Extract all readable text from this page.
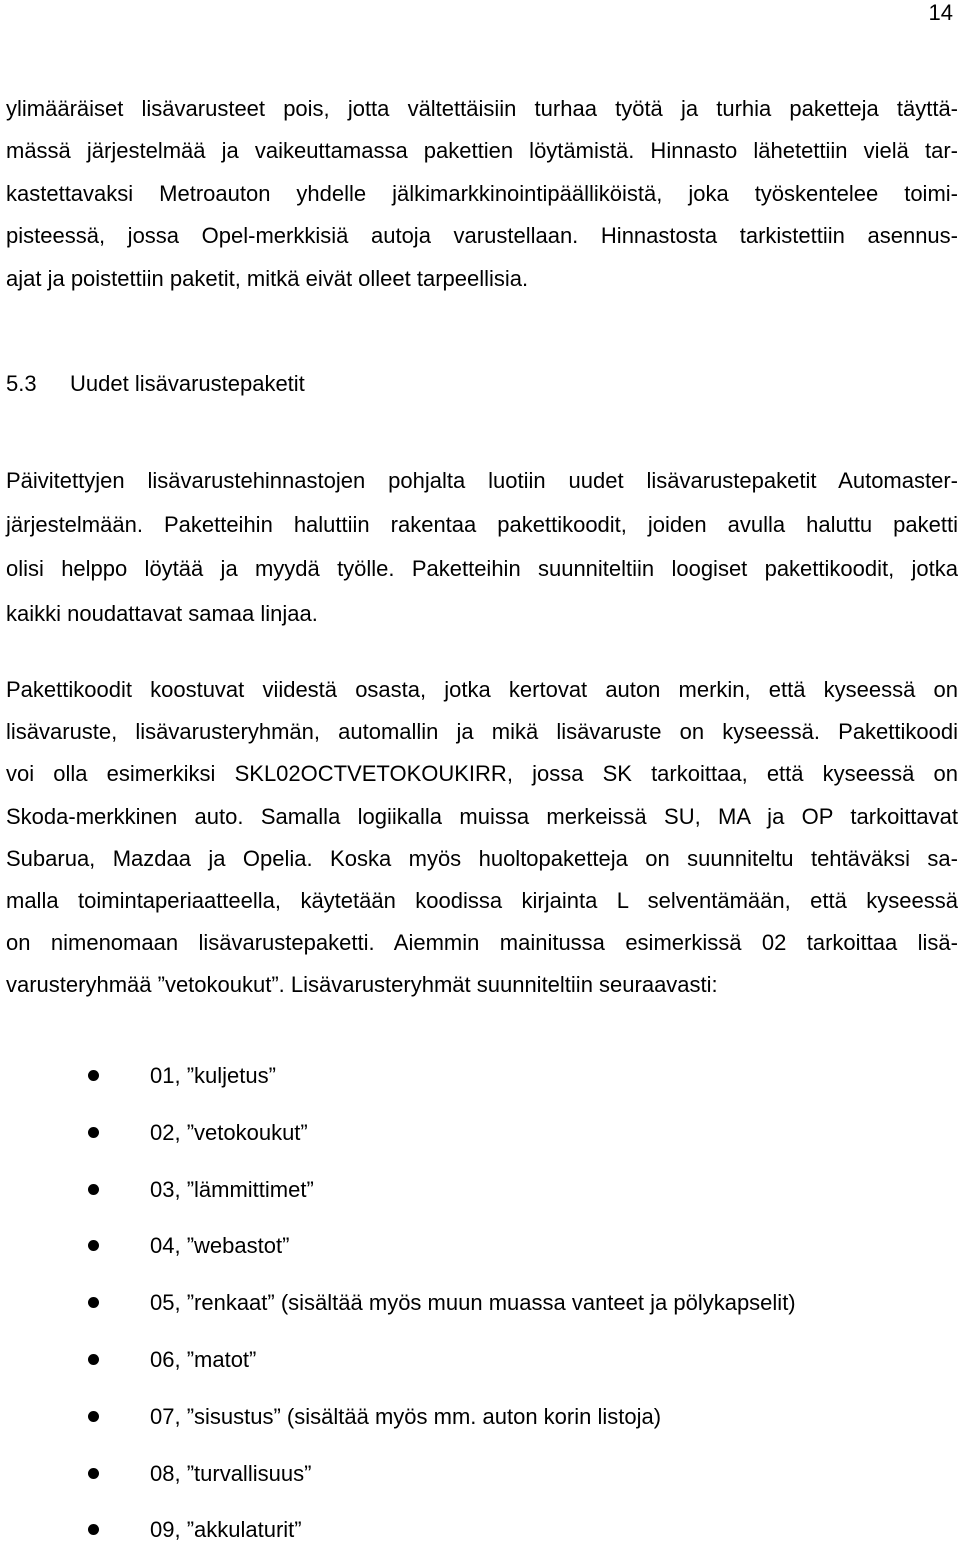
14
ylimääräiset lisävarusteet pois, jotta vältettäisiin turhaa työtä ja turhia paketteja täyttä-
mässä järjestelmää ja vaikeuttamassa pakettien löytämistä. Hinnasto lähetettiin vielä tar-
kastettavaksi Metroauton yhdelle jälkimarkkinointipäälliköistä, joka työskentelee toimi-
pisteessä, jossa Opel-merkkisiä autoja varustellaan. Hinnastosta tarkistettiin asennus-
ajat ja poistettiin paketit, mitkä eivät olleet tarpeellisia.
5.3 Uudet lisävarustepaketit
Päivitettyjen lisävarustehinnastojen pohjalta luotiin uudet lisävarustepaketit Automaster-
järjestelmään. Paketteihin haluttiin rakentaa pakettikoodit, joiden avulla haluttu paketti
olisi helppo löytää ja myydä työlle. Paketteihin suunniteltiin loogiset pakettikoodit, jotka
kaikki noudattavat samaa linjaa.
Pakettikoodit koostuvat viidestä osasta, jotka kertovat auton merkin, että kyseessä on
lisävaruste, lisävarusteryhmän, automallin ja mikä lisävaruste on kyseessä. Pakettikoodi
voi olla esimerkiksi SKL02OCTVETOKOUKIRR, jossa SK tarkoittaa, että kyseessä on
Skoda-merkkinen auto. Samalla logiikalla muissa merkeissä SU, MA ja OP tarkoittavat
Subarua, Mazdaa ja Opelia. Koska myös huoltopaketteja on suunniteltu tehtäväksi sa-
malla toimintaperiaatteella, käytetään koodissa kirjainta L selventämään, että kyseessä
on nimenomaan lisävarustepaketti. Aiemmin mainitussa esimerkissä 02 tarkoittaa lisä-
varusteryhmää ”vetokoukut”. Lisävarusteryhmät suunniteltiin seuraavasti:
01, ”kuljetus”
02, ”vetokoukut”
03, ”lämmittimet”
04, ”webastot”
05, ”renkaat” (sisältää myös muun muassa vanteet ja pölykapselit)
06, ”matot”
07, ”sisustus” (sisältää myös mm. auton korin listoja)
08, ”turvallisuus”
09, ”akkulaturit”
